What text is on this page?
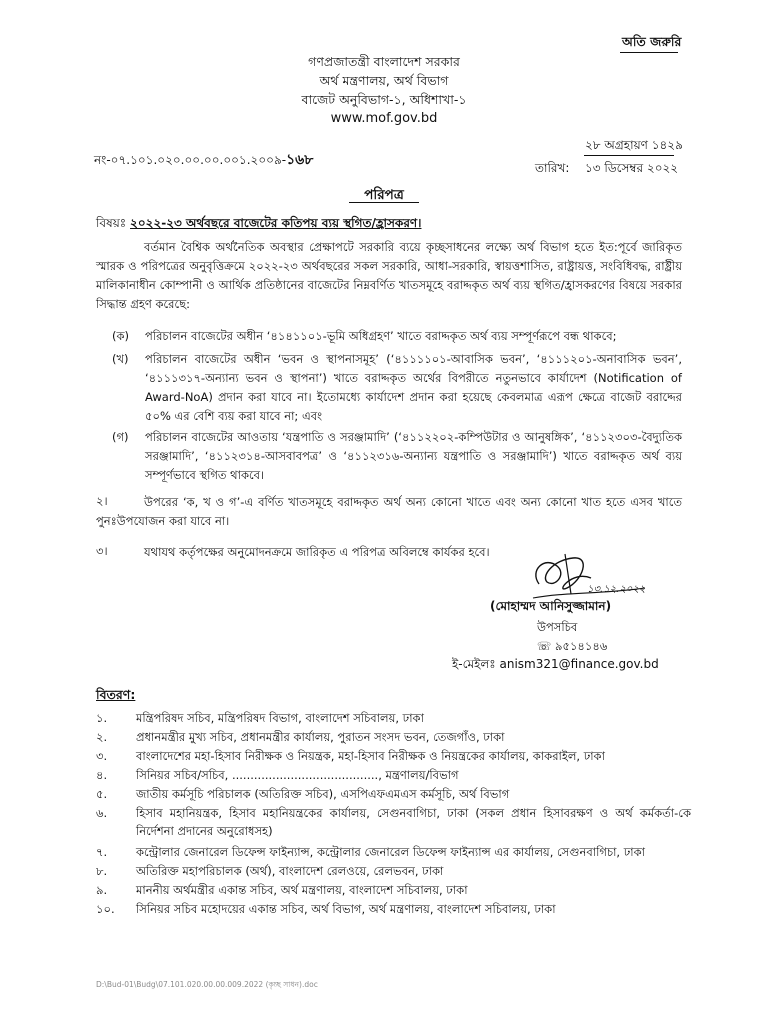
অতি জরুরি
গণপ্রজাতন্ত্রী বাংলাদেশ সরকার
অর্থ মন্ত্রণালয়, অর্থ বিভাগ
বাজেট অনুবিভাগ-১, অধিশাখা-১
www.mof.gov.bd
নং-০৭.১০১.০২০.০০.০০.০০১.২০০৯-১৬৮	তারিখ:
২৮ অগ্রহায়ণ ১৪২৯
১৩ ডিসেম্বর ২০২২
পরিপত্র
বিষয়ঃ ২০২২-২৩ অর্থবছরে বাজেটের কতিপয় ব্যয় স্থগিত/হ্রাসকরণ।
বর্তমান বৈশ্বিক অর্থনৈতিক অবস্থার প্রেক্ষাপটে সরকারি ব্যয়ে কৃচ্ছসাধনের লক্ষ্যে অর্থ বিভাগ হতে ইত:পূর্বে জারিকৃত স্মারক ও পরিপত্রের অনুবৃত্তিক্রমে ২০২২-২৩ অর্থবছরের সকল সরকারি, আধা-সরকারি, স্বায়ত্তশাসিত, রাষ্ট্রায়ত্ত, সংবিধিবদ্ধ, রাষ্ট্রীয় মালিকানাধীন কোম্পানী ও আর্থিক প্রতিষ্ঠানের বাজেটের নিম্নবর্ণিত খাতসমূহে বরাদ্দকৃত অর্থ ব্যয় স্থগিত/হ্রাসকরণের বিষয়ে সরকার সিদ্ধান্ত গ্রহণ করেছে:
(ক) পরিচালন বাজেটের অধীন ‘৪১৪১১০১-ভূমি অধিগ্রহণ’ খাতে বরাদ্দকৃত অর্থ ব্যয় সম্পূর্ণরূপে বন্ধ থাকবে;
(খ) পরিচালন বাজেটের অধীন ‘ভবন ও স্থাপনাসমূহ’ (‘৪১১১১০১-আবাসিক ভবন’, ‘৪১১১২০১-অনাবাসিক ভবন’, ‘৪১১১৩১৭-অন্যান্য ভবন ও স্থাপনা’) খাতে বরাদ্দকৃত অর্থের বিপরীতে নতুনভাবে কার্যাদেশ (Notification of Award-NoA) প্রদান করা যাবে না। ইতোমধ্যে কার্যাদেশ প্রদান করা হয়েছে কেবলমাত্র এরূপ ক্ষেত্রে বাজেট বরাদ্দের ৫০% এর বেশি ব্যয় করা যাবে না; এবং
(গ) পরিচালন বাজেটের আওতায় ‘যন্ত্রপাতি ও সরঞ্জামাদি’ (‘৪১১২২০২-কম্পিউটার ও আনুষঙ্গিক’, ‘৪১১২৩০৩-বৈদ্যুতিক সরঞ্জামাদি’, ‘৪১১২৩১৪-আসবাবপত্র’ ও ‘৪১১২৩১৬-অন্যান্য যন্ত্রপাতি ও সরঞ্জামাদি’) খাতে বরাদ্দকৃত অর্থ ব্যয় সম্পূর্ণভাবে স্থগিত থাকবে।
২।	উপরের ‘ক, খ ও গ’-এ বর্ণিত খাতসমূহে বরাদ্দকৃত অর্থ অন্য কোনো খাতে এবং অন্য কোনো খাত হতে এসব খাতে পুনঃউপযোজন করা যাবে না।
৩।	যথাযথ কর্তৃপক্ষের অনুমোদনক্রমে জারিকৃত এ পরিপত্র অবিলম্বে কার্যকর হবে।
১৩.১২.২০২২
(মোহাম্মদ আনিসুজ্জামান)
উপসচিব
☏ ৯৫১৪১৪৬
ই-মেইলঃ anism321@finance.gov.bd
বিতরণ:
১.	মন্ত্রিপরিষদ সচিব, মন্ত্রিপরিষদ বিভাগ, বাংলাদেশ সচিবালয়, ঢাকা
২.	প্রধানমন্ত্রীর মুখ্য সচিব, প্রধানমন্ত্রীর কার্যালয়, পুরাতন সংসদ ভবন, তেজগাঁও, ঢাকা
৩.	বাংলাদেশের মহা-হিসাব নিরীক্ষক ও নিয়ন্ত্রক, মহা-হিসাব নিরীক্ষক ও নিয়ন্ত্রকের কার্যালয়, কাকরাইল, ঢাকা
৪.	সিনিয়র সচিব/সচিব, ........................................, মন্ত্রণালয়/বিভাগ
৫.	জাতীয় কর্মসূচি পরিচালক (অতিরিক্ত সচিব), এসপিএফএমএস কর্মসূচি, অর্থ বিভাগ
৬.	হিসাব মহানিয়ন্ত্রক, হিসাব মহানিয়ন্ত্রকের কার্যালয়, সেগুনবাগিচা, ঢাকা (সকল প্রধান হিসাবরক্ষণ ও অর্থ কর্মকর্তা-কে নির্দেশনা প্রদানের অনুরোধসহ)
৭.	কন্ট্রোলার জেনারেল ডিফেন্স ফাইন্যান্স, কন্ট্রোলার জেনারেল ডিফেন্স ফাইন্যান্স এর কার্যালয়, সেগুনবাগিচা, ঢাকা
৮.	অতিরিক্ত মহাপরিচালক (অর্থ), বাংলাদেশ রেলওয়ে, রেলভবন, ঢাকা
৯.	মাননীয় অর্থমন্ত্রীর একান্ত সচিব, অর্থ মন্ত্রণালয়, বাংলাদেশ সচিবালয়, ঢাকা
১০. সিনিয়র সচিব মহোদয়ের একান্ত সচিব, অর্থ বিভাগ, অর্থ মন্ত্রণালয়, বাংলাদেশ সচিবালয়, ঢাকা
D:\Bud-01\Budg\07.101.020.00.00.009.2022 (কৃচ্ছ সাধন).doc
